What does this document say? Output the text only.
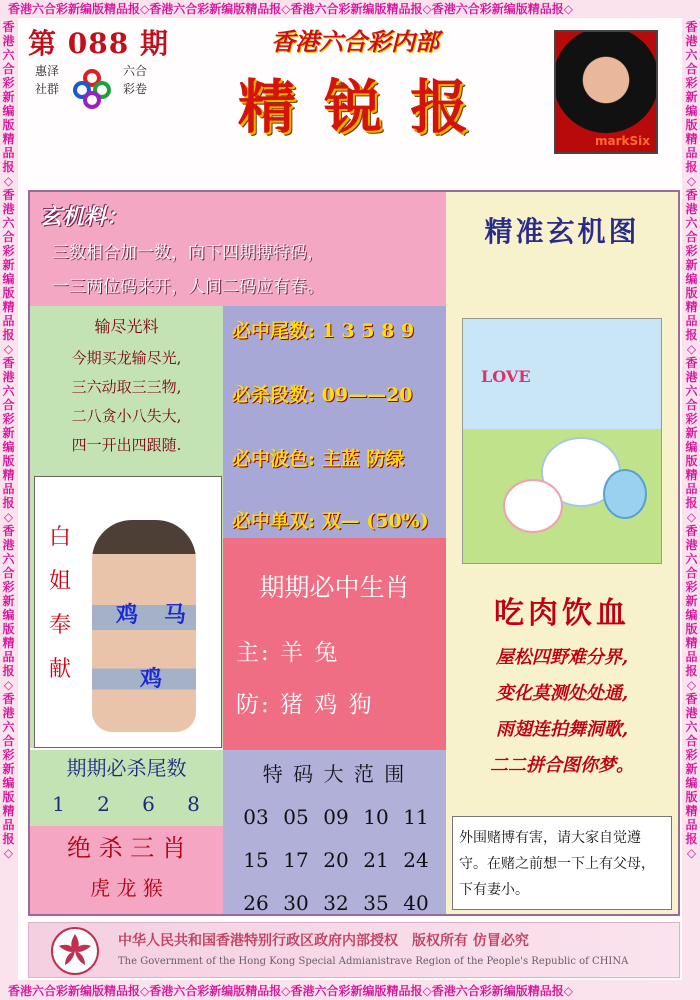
香港六合彩新编版精品报◇香港六合彩新编版精品报◇香港六合彩新编版精品报◇香港六合彩新编版精品报◇
香港六合彩新编版精品报◇香港六合彩新编版精品报◇香港六合彩新编版精品报◇香港六合彩新编版精品报◇
香港六合彩新编版精品报◇香港六合彩新编版精品报◇香港六合彩新编版精品报◇香港六合彩新编版精品报◇香港六合彩新编版精品报◇
香港六合彩新编版精品报◇香港六合彩新编版精品报◇香港六合彩新编版精品报◇香港六合彩新编版精品报◇香港六合彩新编版精品报◇
第 088 期
惠泽
社群
六合
彩卷
香港六合彩内部
精 锐 报	markSix
玄机料：
三数相合加一数，向下四期搏特码，
一三两位码来开，人间二码应有春。
输尽光料
今期买龙输尽光,
三六动取三三物,
二八贪小八失大,
四一开出四跟随.
必中尾数: 1 3 5 8 9
必杀段数: 09——20
必中波色: 主蓝 防绿
必中单双: 双— (50%)
白
姐
奉
献
鸡 马
鸡
期期必中生肖
主: 羊 兔
防: 猪 鸡 狗
期期必杀尾数
1 2 6 8
绝 杀 三 肖
虎 龙 猴
特 码 大 范 围
03 05 09 10 11
15 17 20 21 24
26 30 32 35 40
精准玄机图
LOVE
吃肉饮血
屋松四野难分界,
变化莫测处处通,
雨翅连拍舞洞歌,
二二拼合图你梦。
外围赌博有害，请大家自觉遵守。在赌之前想一下上有父母，下有妻小。
中华人民共和国香港特别行政区政府内部授权　版权所有 仿冒必究
The Government of the Hong Kong Special Admianistrave Region of the People's Republic of CHINA
